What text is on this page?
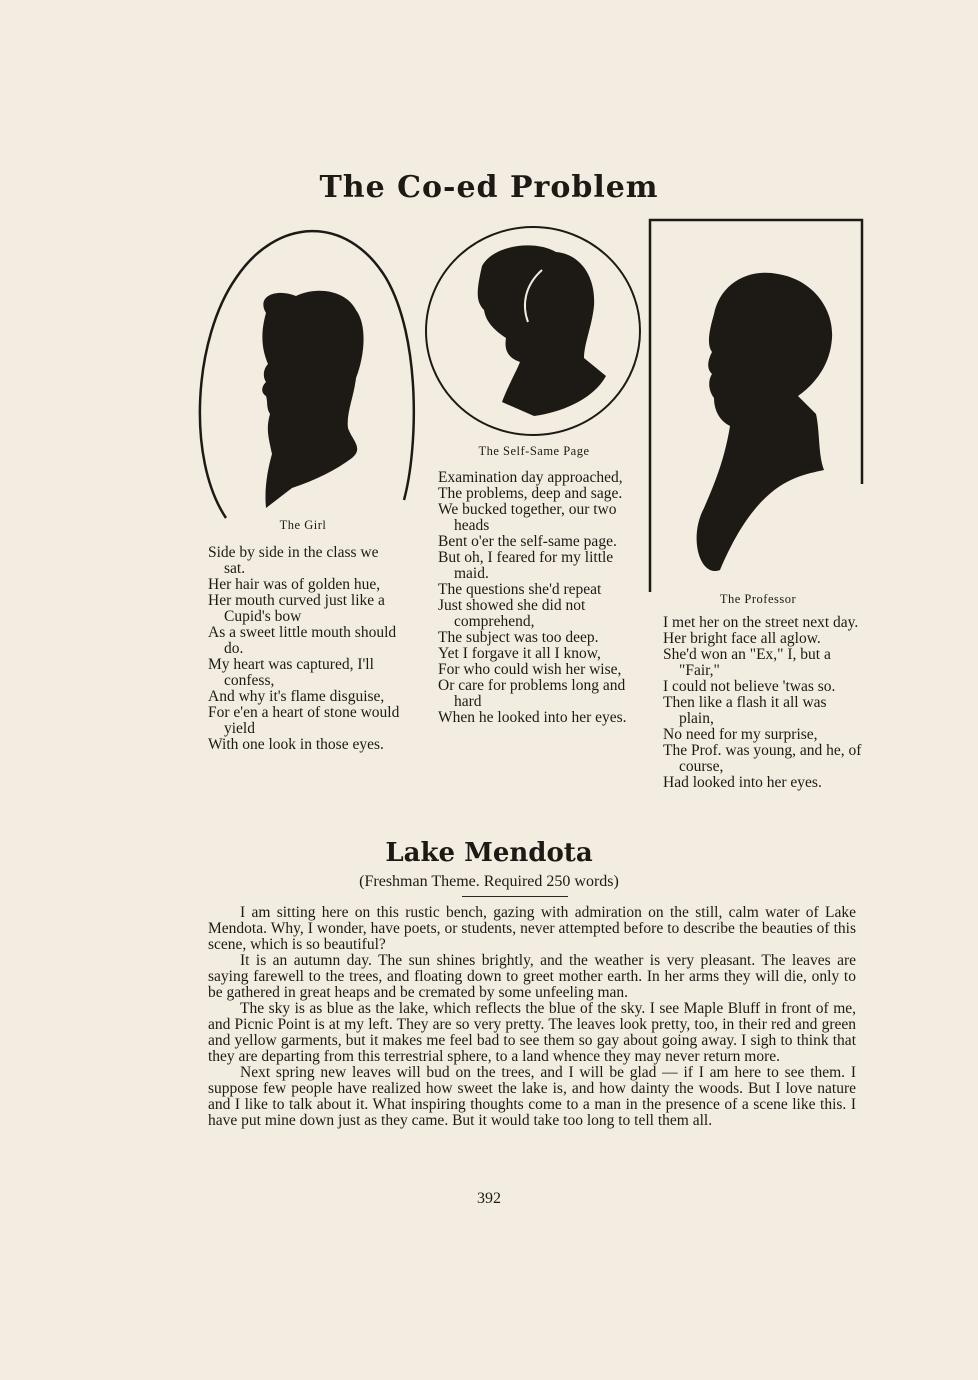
The Co-ed Problem
The Girl
The Self-Same Page
The Professor
Side by side in the class we sat.
Her hair was of golden hue,
Her mouth curved just like a Cupid's bow
As a sweet little mouth should do.
My heart was captured, I'll confess,
And why it's flame disguise,
For e'en a heart of stone would yield
With one look in those eyes.
Examination day approached,
The problems, deep and sage.
We bucked together, our two heads
Bent o'er the self-same page.
But oh, I feared for my little maid.
The questions she'd repeat
Just showed she did not comprehend,
The subject was too deep.
Yet I forgave it all I know,
For who could wish her wise,
Or care for problems long and hard
When he looked into her eyes.
I met her on the street next day.
Her bright face all aglow.
She'd won an "Ex," I, but a "Fair,"
I could not believe 'twas so.
Then like a flash it all was plain,
No need for my surprise,
The Prof. was young, and he, of course,
Had looked into her eyes.
Lake Mendota
(Freshman Theme. Required 250 words)

I am sitting here on this rustic bench, gazing with admiration on the still, calm water of Lake Mendota. Why, I wonder, have poets, or students, never attempted before to describe the beauties of this scene, which is so beautiful?

It is an autumn day. The sun shines brightly, and the weather is very pleasant. The leaves are saying farewell to the trees, and floating down to greet mother earth. In her arms they will die, only to be gathered in great heaps and be cremated by some unfeeling man.

The sky is as blue as the lake, which reflects the blue of the sky. I see Maple Bluff in front of me, and Picnic Point is at my left. They are so very pretty. The leaves look pretty, too, in their red and green and yellow garments, but it makes me feel bad to see them so gay about going away. I sigh to think that they are departing from this terrestrial sphere, to a land whence they may never return more.

Next spring new leaves will bud on the trees, and I will be glad — if I am here to see them. I suppose few people have realized how sweet the lake is, and how dainty the woods. But I love nature and I like to talk about it. What inspiring thoughts come to a man in the presence of a scene like this. I have put mine down just as they came. But it would take too long to tell them all.

392
